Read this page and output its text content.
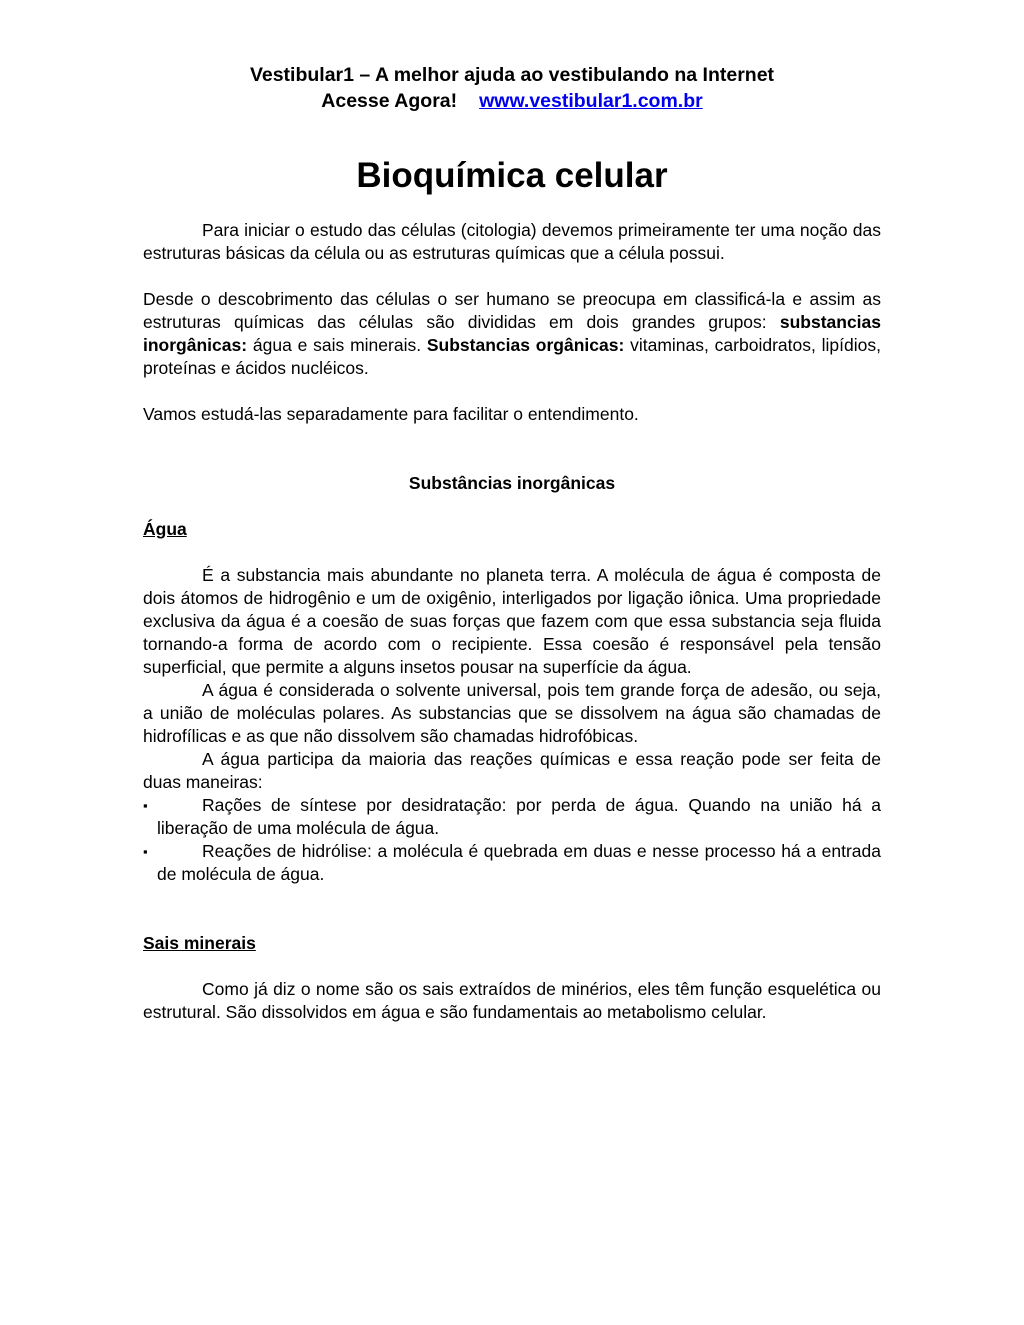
Vestibular1 – A melhor ajuda ao vestibulando na Internet
Acesse Agora! www.vestibular1.com.br
Bioquímica celular

Para iniciar o estudo das células (citologia) devemos primeiramente ter uma noção das estruturas básicas da célula ou as estruturas químicas que a célula possui.

Desde o descobrimento das células o ser humano se preocupa em classificá-la e assim as estruturas químicas das células são divididas em dois grandes grupos: substancias inorgânicas: água e sais minerais. Substancias orgânicas: vitaminas, carboidratos, lipídios, proteínas e ácidos nucléicos.

Vamos estudá-las separadamente para facilitar o entendimento.

Substâncias inorgânicas

Água

É a substancia mais abundante no planeta terra. A molécula de água é composta de dois átomos de hidrogênio e um de oxigênio, interligados por ligação iônica. Uma propriedade exclusiva da água é a coesão de suas forças que fazem com que essa substancia seja fluida tornando-a forma de acordo com o recipiente. Essa coesão é responsável pela tensão superficial, que permite a alguns insetos pousar na superfície da água.

A água é considerada o solvente universal, pois tem grande força de adesão, ou seja, a união de moléculas polares. As substancias que se dissolvem na água são chamadas de hidrofílicas e as que não dissolvem são chamadas hidrofóbicas.

A água participa da maioria das reações químicas e essa reação pode ser feita de duas maneiras:

▪	Rações de síntese por desidratação: por perda de água. Quando na união há a liberação de uma molécula de água.
▪	Reações de hidrólise: a molécula é quebrada em duas e nesse processo há a entrada de molécula de água.

Sais minerais

Como já diz o nome são os sais extraídos de minérios, eles têm função esquelética ou estrutural. São dissolvidos em água e são fundamentais ao metabolismo celular.
